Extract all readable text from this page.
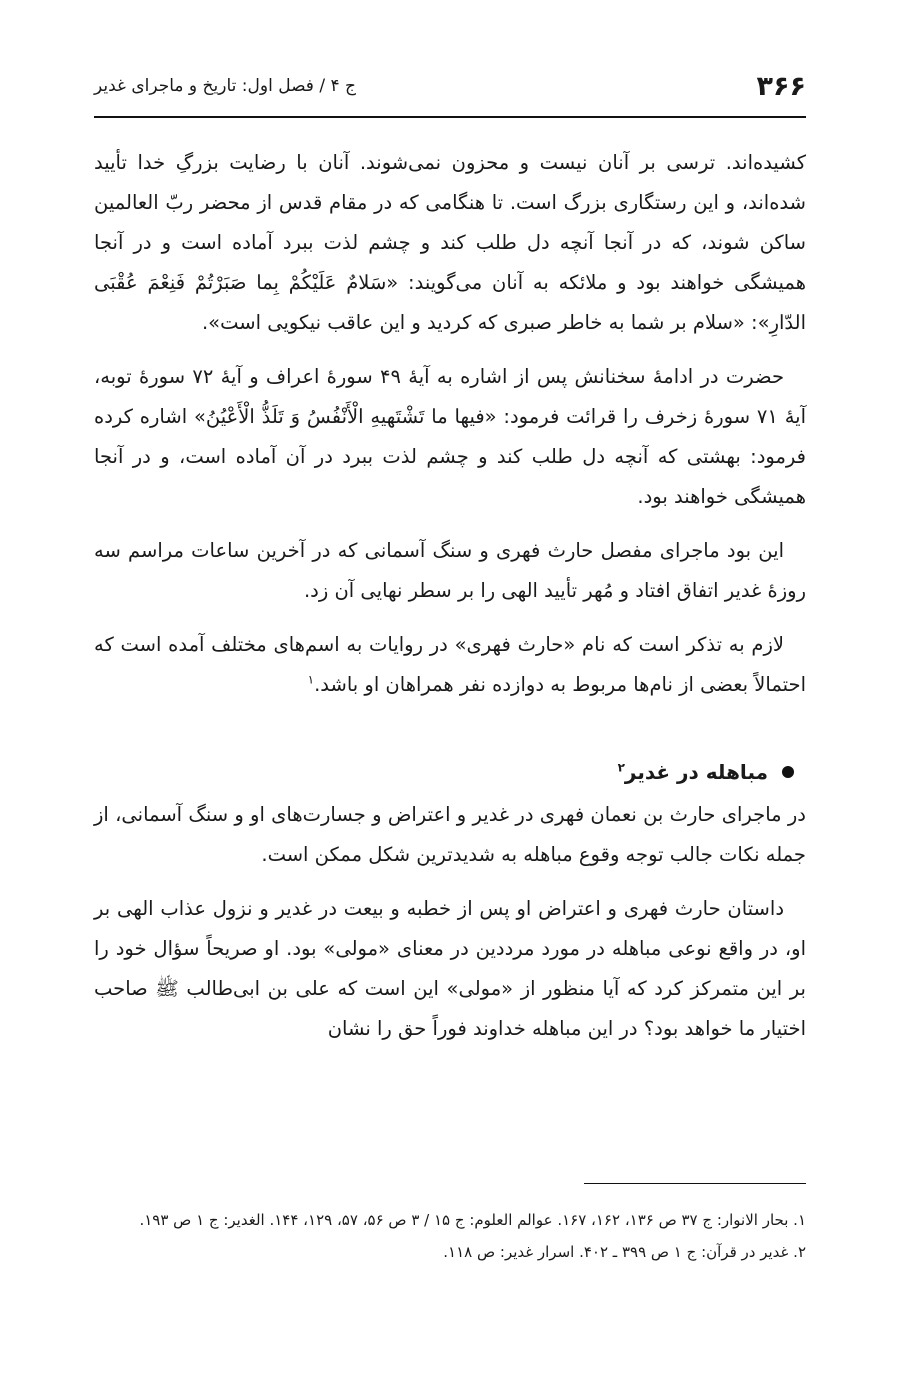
۳۶۶
ج ۴ / فصل اول: تاریخ و ماجرای غدیر

کشیده‌اند. ترسی بر آنان نیست و محزون نمی‌شوند. آنان با رضایت بزرگِ خدا تأیید شده‌اند، و این رستگاری بزرگ است. تا هنگامی که در مقام قدس از محضر ربّ العالمین ساکن شوند، که در آنجا آنچه دل طلب کند و چشم لذت ببرد آماده است و در آنجا همیشگی خواهند بود و ملائکه به آنان می‌گویند: «سَلامٌ عَلَیْكُمْ بِما صَبَرْتُمْ فَنِعْمَ عُقْبَی الدّارِ»: «سلام بر شما به خاطر صبری که کردید و این عاقب نیکویی است».

حضرت در ادامهٔ سخنانش پس از اشاره به آیهٔ ۴۹ سورهٔ اعراف و آیهٔ ۷۲ سورهٔ توبه، آیهٔ ۷۱ سورهٔ زخرف را قرائت فرمود: «فیها ما تَشْتَهیهِ الْأَنْفُسُ وَ تَلَذُّ الْأَعْیُنُ» اشاره کرده فرمود: بهشتی که آنچه دل طلب کند و چشم لذت ببرد در آن آماده است، و در آنجا همیشگی خواهند بود.

این بود ماجرای مفصل حارث فهری و سنگ آسمانی که در آخرین ساعات مراسم سه روزهٔ غدیر اتفاق افتاد و مُهر تأیید الهی را بر سطر نهایی آن زد.

لازم به تذکر است که نام «حارث فهری» در روایات به اسم‌های مختلف آمده است که احتمالاً بعضی از نام‌ها مربوط به دوازده نفر همراهان او باشد.$^۱$

مباهله در غدیر$^۲$

در ماجرای حارث بن نعمان فهری در غدیر و اعتراض و جسارت‌های او و سنگ آسمانی، از جمله نکات جالب توجه وقوع مباهله به شدیدترین شکل ممکن است.

داستان حارث فهری و اعتراض او پس از خطبه و بیعت در غدیر و نزول عذاب الهی بر او، در واقع نوعی مباهله در مورد مرددین در معنای «مولی» بود. او صریحاً سؤال خود را بر این متمرکز کرد که آیا منظور از «مولی» این است که علی بن ابی‌طالب ﷺ صاحب اختیار ما خواهد بود؟ در این مباهله خداوند فوراً حق را نشان

۱. بحار الانوار: ج ۳۷ ص ۱۳۶، ۱۶۲، ۱۶۷. عوالم العلوم: ج ۱۵ / ۳ ص ۵۶، ۵۷، ۱۲۹، ۱۴۴. الغدیر: ج ۱ ص ۱۹۳.

۲. غدیر در قرآن: ج ۱ ص ۳۹۹ ـ ۴۰۲. اسرار غدیر: ص ۱۱۸.
